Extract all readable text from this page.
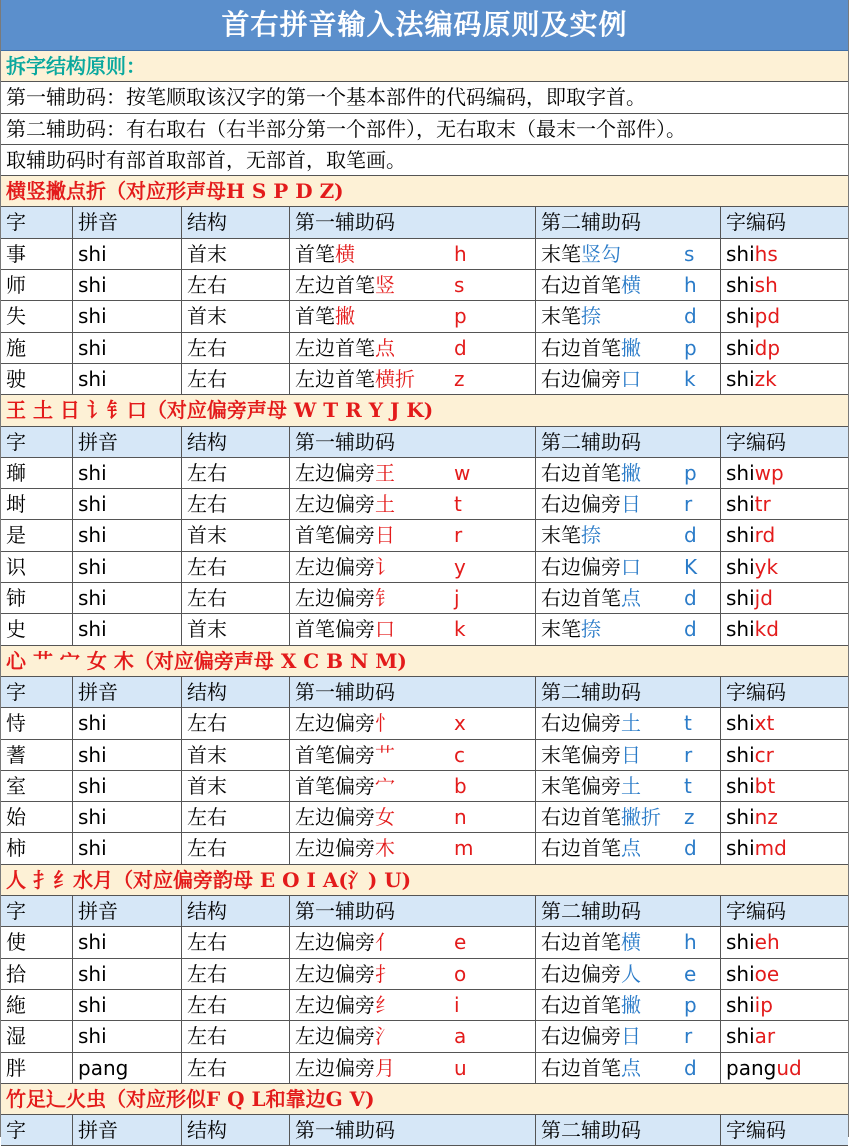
首右拼音输入法编码原则及实例
拆字结构原则：
第一辅助码：按笔顺取该汉字的第一个基本部件的代码编码，即取字首。
第二辅助码：有右取右（右半部分第一个部件），无右取末（最末一个部件）。
取辅助码时有部首取部首，无部首，取笔画。
横竖撇点折（对应形声母H S P D Z)
字	拼音	结构	第一辅助码	第二辅助码	字编码
事	shi	首末	首笔横	h	末笔竖勾	s shihs
师	shi	左右	左边首笔竖	s	右边首笔横 h shish
失	shi	首末	首笔撇	p	末笔捺	d shipd
施	shi	左右	左边首笔点	d	右边首笔撇 p shidp
驶	shi	左右	左边首笔横折 z	右边偏旁口 k shizk
王 土 日 讠钅口（对应偏旁声母 W T R Y J K)
字	拼音	结构	第一辅助码	第二辅助码	字编码
瑡	shi	左右	左边偏旁王	w	右边首笔撇 p shiwp
埘	shi	左右	左边偏旁土	t	右边偏旁日 r shitr
是	shi	首末	首笔偏旁日	r	末笔捺	d shird
识	shi	左右	左边偏旁讠	y	右边偏旁口 K shiyk
铈	shi	左右	左边偏旁钅	j	右边首笔点 d shijd
史	shi	首末	首笔偏旁口	k	末笔捺	d shikd
心 艹 宀 女 木（对应偏旁声母 X C B N M)
字	拼音	结构	第一辅助码	第二辅助码	字编码
恃	shi	左右	左边偏旁忄	x	右边偏旁土 t shixt
蓍	shi	首末	首笔偏旁艹	c	末笔偏旁日 r shicr
室	shi	首末	首笔偏旁宀	b	末笔偏旁土 t shibt
始	shi	左右	左边偏旁女	n	右边首笔撇折 z shinz
柿	shi	左右	左边偏旁木	m	右边首笔点 d shimd
人 扌纟水月（对应偏旁韵母 E O I A(氵) U)
字	拼音	结构	第一辅助码	第二辅助码	字编码
使	shi	左右	左边偏旁亻	e	右边首笔横 h shieh
拾	shi	左右	左边偏旁扌	o	右边偏旁人 e shioe
絁	shi	左右	左边偏旁纟	i	右边首笔撇 p shiip
湿	shi	左右	左边偏旁氵	a	右边偏旁日 r shiar
胖	pang	左右	左边偏旁月	u	右边首笔点 d pangud
竹足辶火虫（对应形似F Q L和靠边G V)
字	拼音	结构	第一辅助码	第二辅助码	字编码
